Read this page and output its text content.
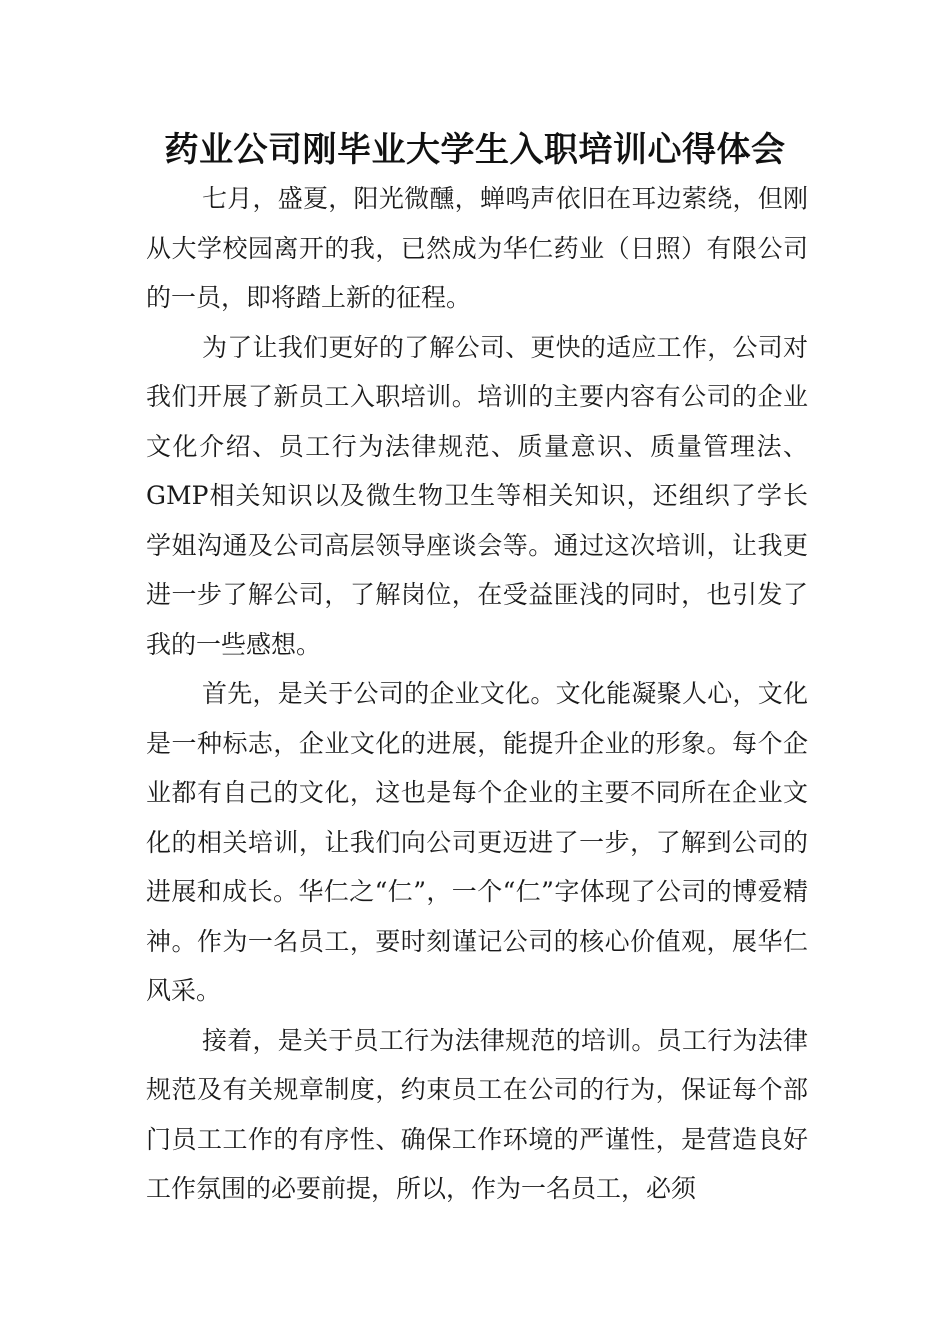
药业公司刚毕业大学生入职培训心得体会

七月，盛夏，阳光微醺，蝉鸣声依旧在耳边萦绕，但刚从大学校园离开的我，已然成为华仁药业（日照）有限公司的一员，即将踏上新的征程。

为了让我们更好的了解公司、更快的适应工作，公司对我们开展了新员工入职培训。培训的主要内容有公司的企业文化介绍、员工行为法律规范、质量意识、质量管理法、GMP相关知识以及微生物卫生等相关知识，还组织了学长学姐沟通及公司高层领导座谈会等。通过这次培训，让我更进一步了解公司，了解岗位，在受益匪浅的同时，也引发了我的一些感想。

首先，是关于公司的企业文化。文化能凝聚人心，文化是一种标志，企业文化的进展，能提升企业的形象。每个企业都有自己的文化，这也是每个企业的主要不同所在企业文化的相关培训，让我们向公司更迈进了一步，了解到公司的进展和成长。华仁之“仁”，一个“仁”字体现了公司的博爱精神。作为一名员工，要时刻谨记公司的核心价值观，展华仁风采。

接着，是关于员工行为法律规范的培训。员工行为法律规范及有关规章制度，约束员工在公司的行为，保证每个部门员工工作的有序性、确保工作环境的严谨性，是营造良好工作氛围的必要前提，所以，作为一名员工，必须
